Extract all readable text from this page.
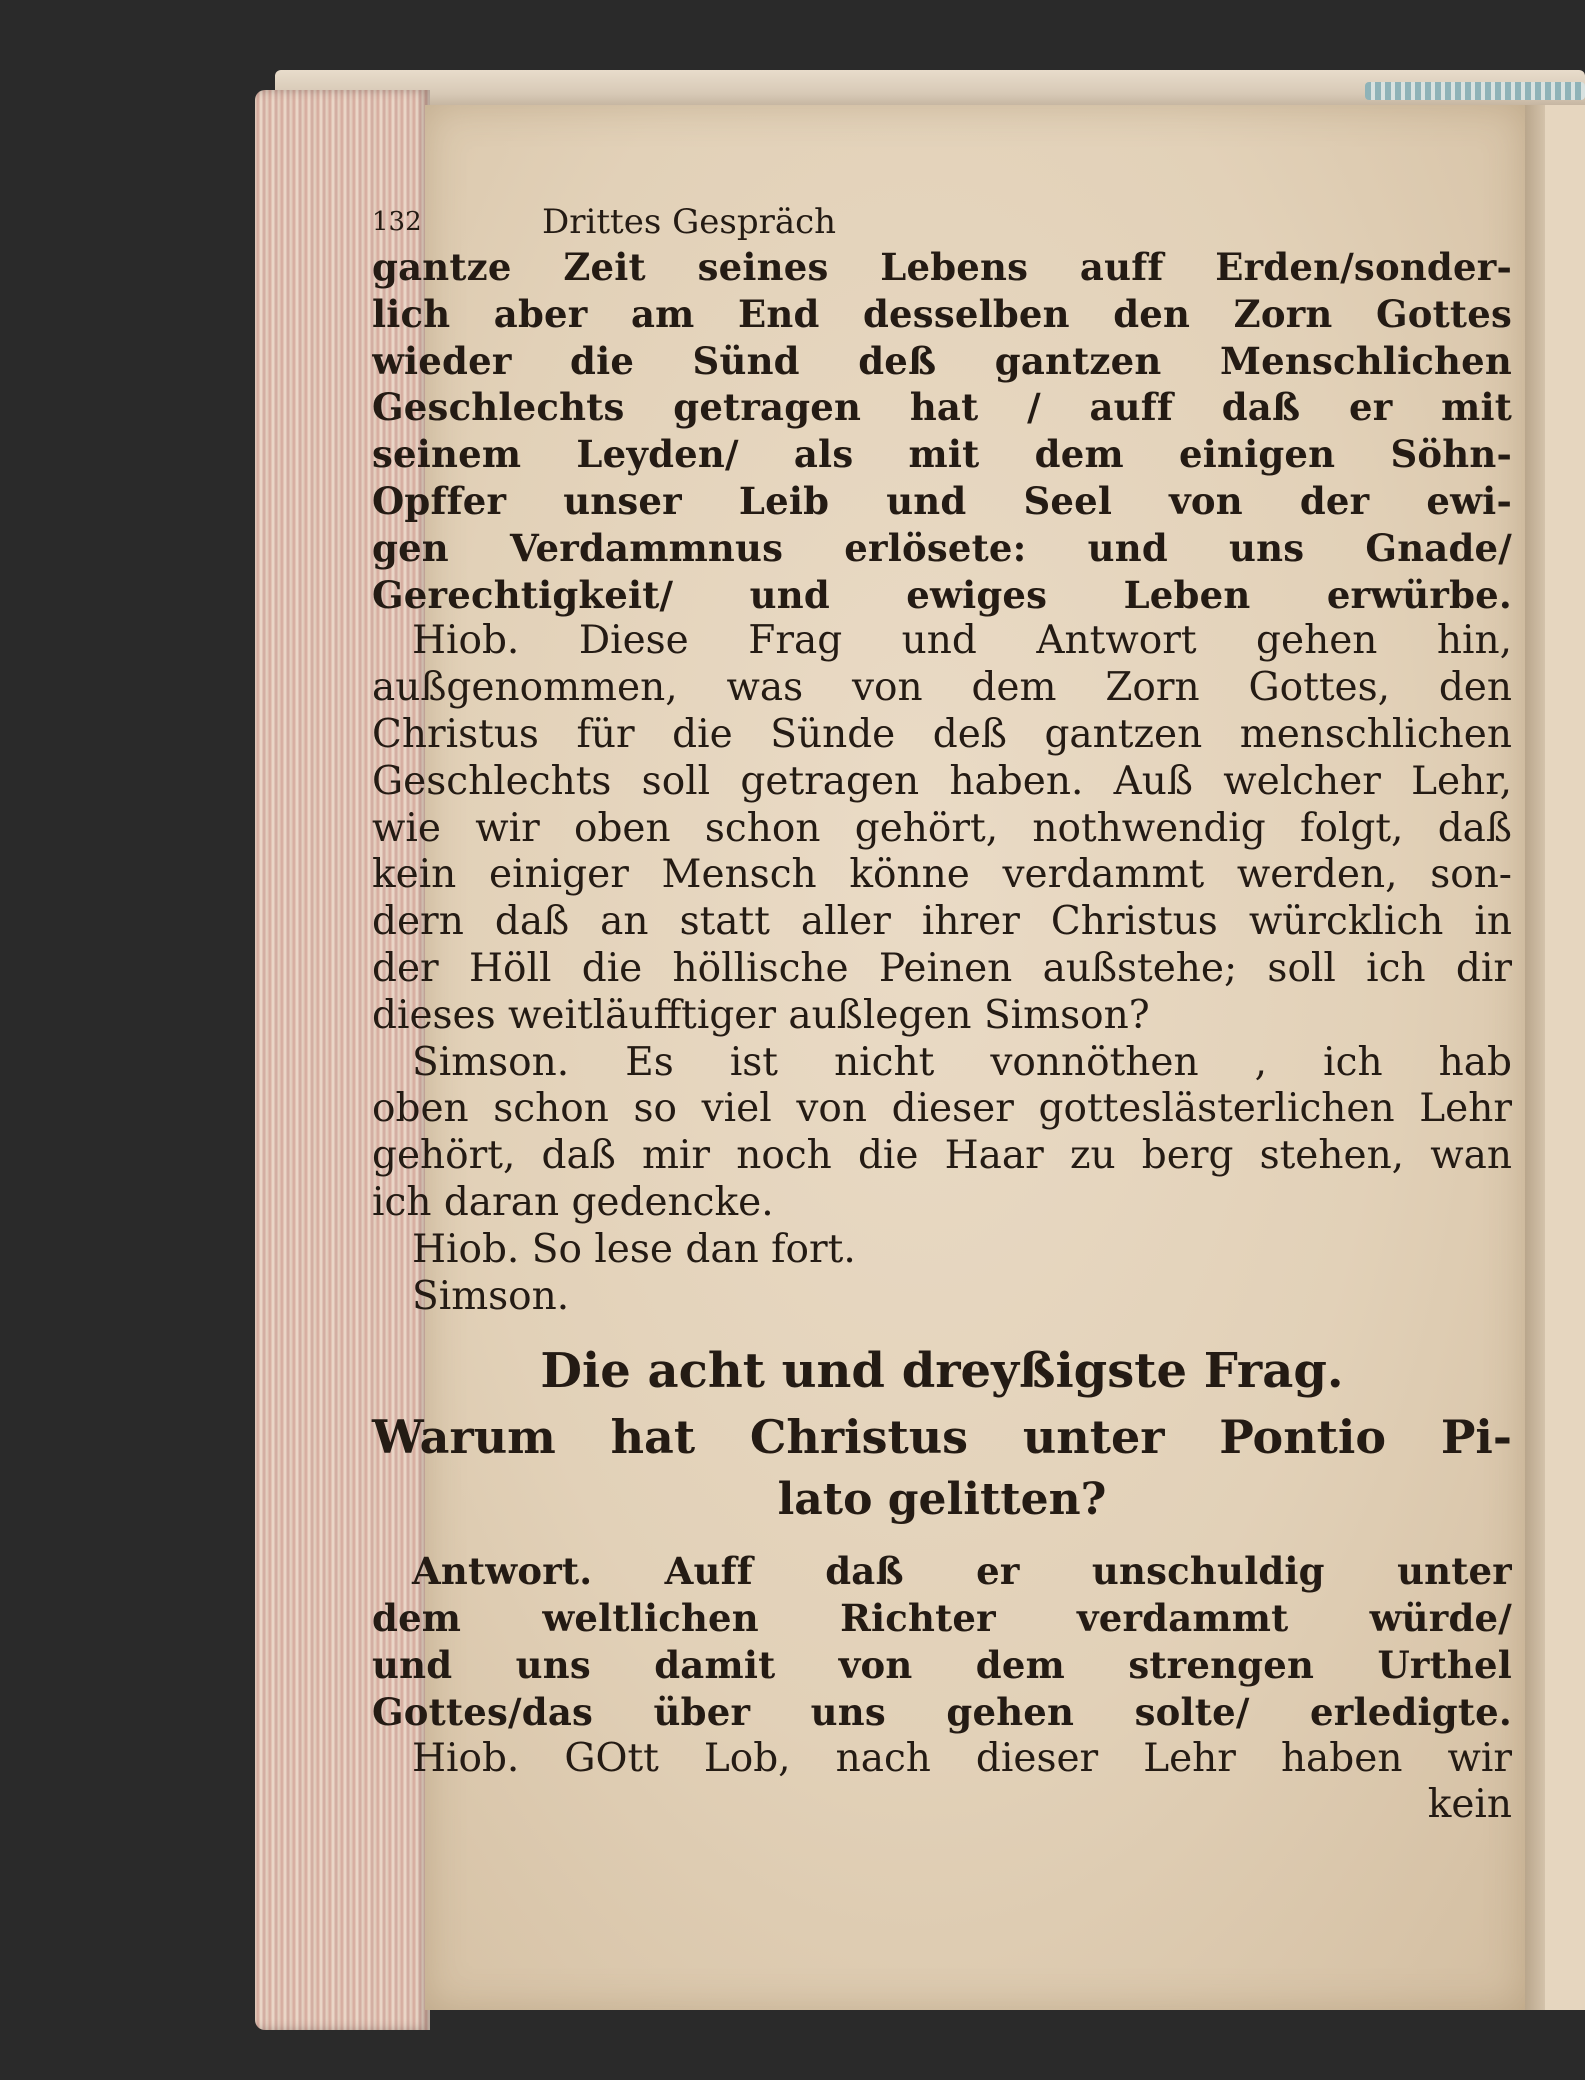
132	Drittes Gespräch
gantze Zeit seines Lebens auff Erden/sonder-
lich aber am End desselben den Zorn Gottes
wieder die Sünd deß gantzen Menschlichen
Geschlechts getragen hat / auff daß er mit
seinem Leyden/ als mit dem einigen Söhn-
Opffer unser Leib und Seel von der ewi-
gen Verdammnus erlösete: und uns Gnade/
Gerechtigkeit/ und ewiges Leben erwürbe.
Hiob. Diese Frag und Antwort gehen hin,
außgenommen, was von dem Zorn Gottes, den
Christus für die Sünde deß gantzen menschlichen
Geschlechts soll getragen haben. Auß welcher Lehr,
wie wir oben schon gehört, nothwendig folgt, daß
kein einiger Mensch könne verdammt werden, son-
dern daß an statt aller ihrer Christus würcklich in
der Höll die höllische Peinen außstehe; soll ich dir
dieses weitläufftiger außlegen Simson?
Simson. Es ist nicht vonnöthen , ich hab
oben schon so viel von dieser gotteslästerlichen Lehr
gehört, daß mir noch die Haar zu berg stehen, wan
ich daran gedencke.
Hiob. So lese dan fort.
Simson.
Die acht und dreyßigste Frag.
Warum hat Christus unter Pontio Pi-
lato gelitten?
Antwort. Auff daß er unschuldig unter
dem weltlichen Richter verdammt würde/
und uns damit von dem strengen Urthel
Gottes/das über uns gehen solte/ erledigte.
Hiob. GOtt Lob, nach dieser Lehr haben wir
kein
